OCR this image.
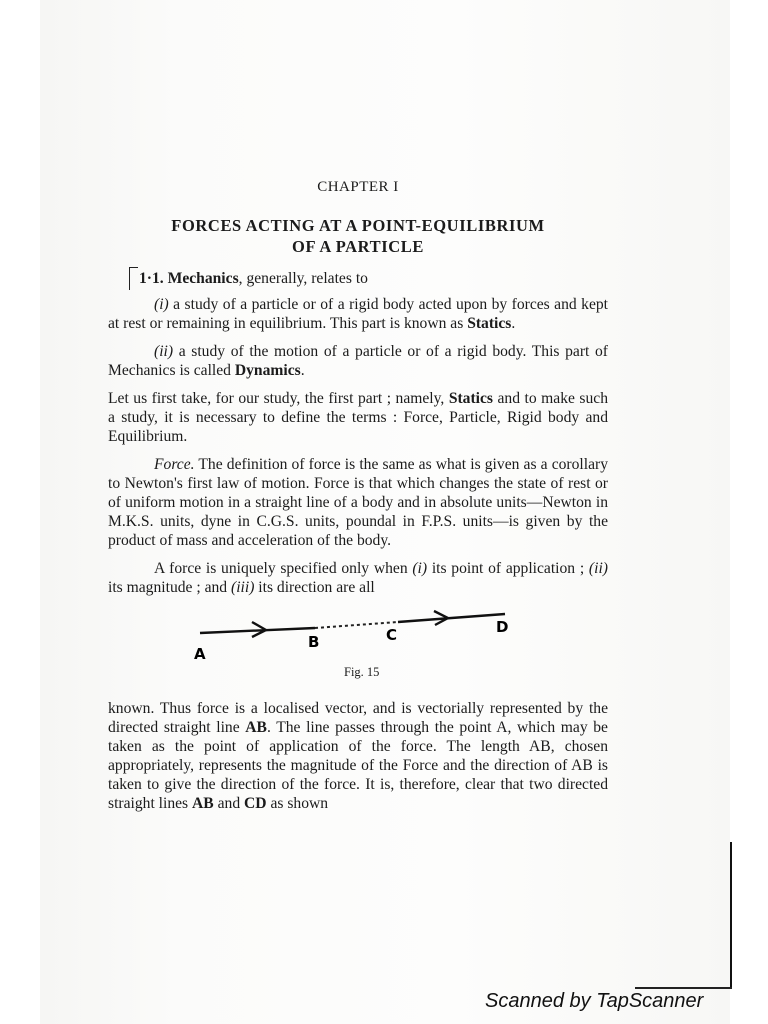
CHAPTER I
FORCES ACTING AT A POINT-EQUILIBRIUM
OF A PARTICLE
1·1. Mechanics, generally, relates to

(i) a study of a particle or of a rigid body acted upon by forces and kept at rest or remaining in equilibrium. This part is known as Statics.

(ii) a study of the motion of a particle or of a rigid body. This part of Mechanics is called Dynamics.

Let us first take, for our study, the first part ; namely, Statics and to make such a study, it is necessary to define the terms : Force, Particle, Rigid body and Equilibrium.

Force. The definition of force is the same as what is given as a corollary to Newton's first law of motion. Force is that which changes the state of rest or of uniform motion in a straight line of a body and in absolute units—Newton in M.K.S. units, dyne in C.G.S. units, poundal in F.P.S. units—is given by the product of mass and acceleration of the body.

A force is uniquely specified only when (i) its point of application ; (ii) its magnitude ; and (iii) its direction are all

A
B	C	D
Fig. 15

known. Thus force is a localised vector, and is vectorially represented by the directed straight line AB. The line passes through the point A, which may be taken as the point of application of the force. The length AB, chosen appropriately, represents the magnitude of the Force and the direction of AB is taken to give the direction of the force. It is, therefore, clear that two directed straight lines AB and CD as shown

Scanned by TapScanner
